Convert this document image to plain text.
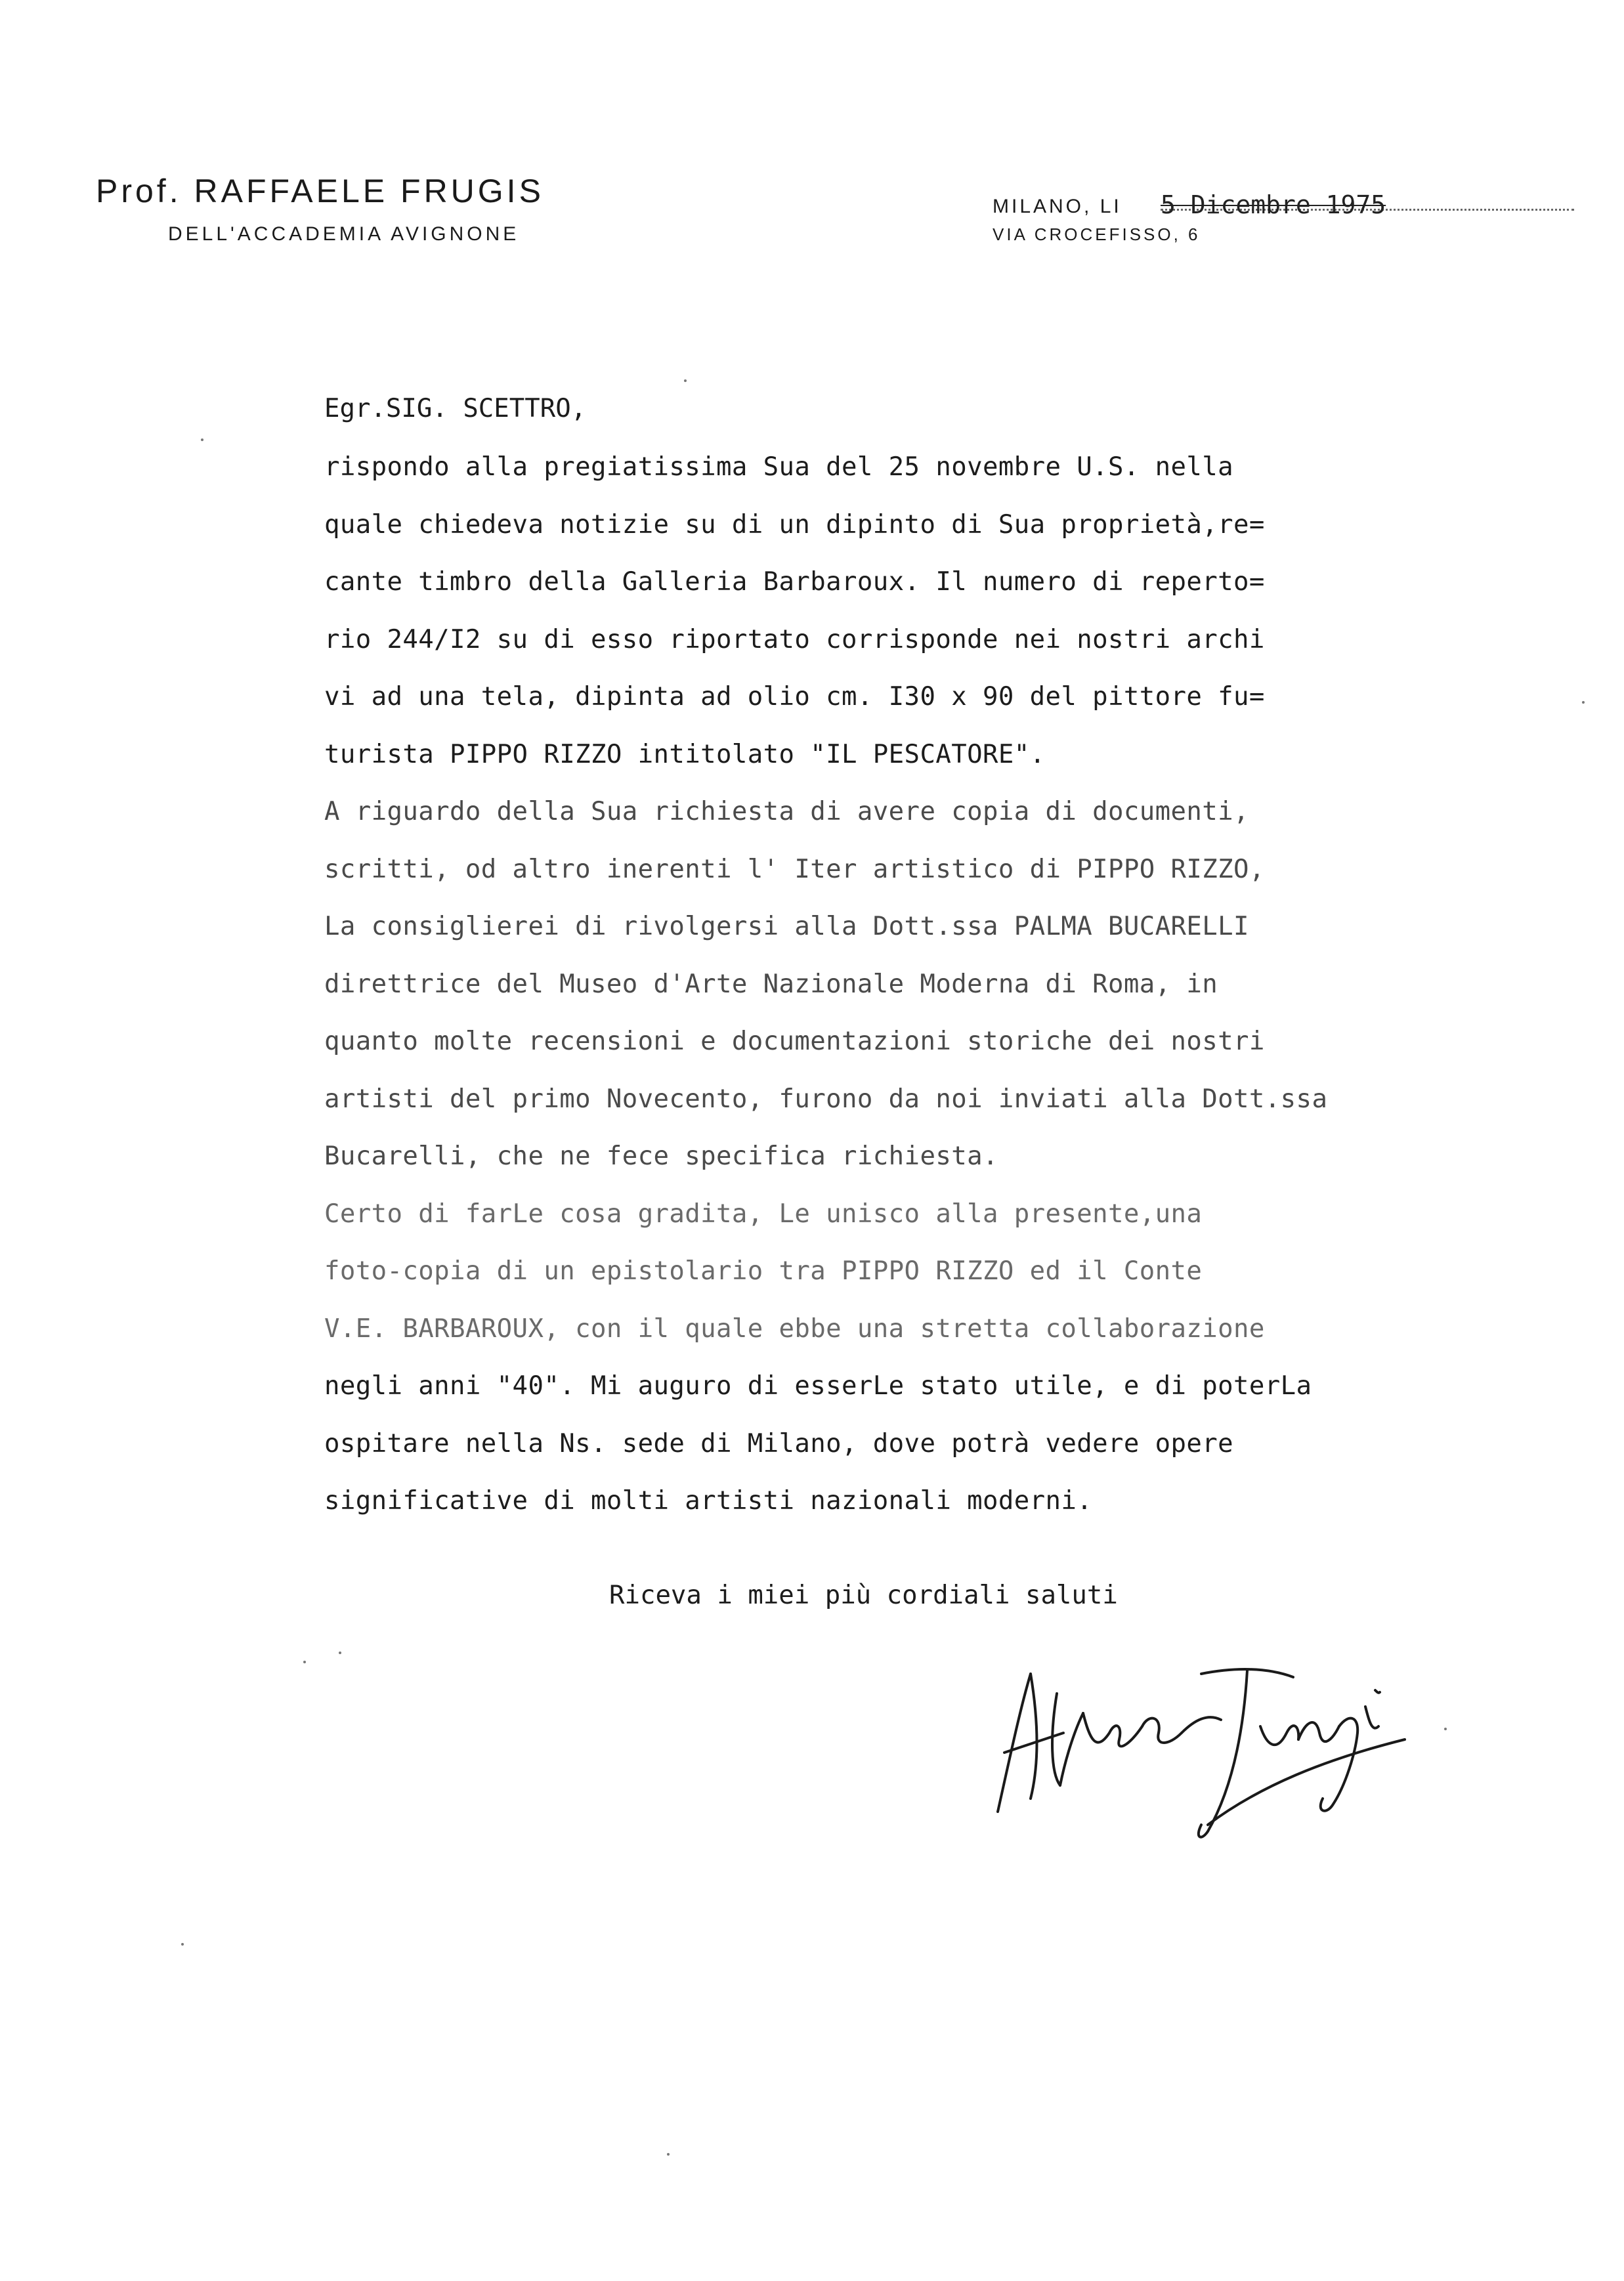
Prof. RAFFAELE FRUGIS
DELL'ACCADEMIA AVIGNONE
MILANO, LI 5 Dicembre 1975
VIA CROCEFISSO, 6
Egr.SIG. SCETTRO,
rispondo alla pregiatissima Sua del 25 novembre U.S. nella
quale chiedeva notizie su di un dipinto di Sua proprietà,re=
cante timbro della Galleria Barbaroux. Il numero di reperto=
rio 244/I2 su di esso riportato corrisponde nei nostri archi
vi ad una tela, dipinta ad olio cm. I30 x 90 del pittore fu=
turista PIPPO RIZZO intitolato "IL PESCATORE".
A riguardo della Sua richiesta di avere copia di documenti,
scritti, od altro inerenti l' Iter artistico di PIPPO RIZZO,
La consiglierei di rivolgersi alla Dott.ssa PALMA BUCARELLI
direttrice del Museo d'Arte Nazionale Moderna di Roma, in
quanto molte recensioni e documentazioni storiche dei nostri
artisti del primo Novecento, furono da noi inviati alla Dott.ssa
Bucarelli, che ne fece specifica richiesta.
Certo di farLe cosa gradita, Le unisco alla presente,una
foto-copia di un epistolario tra PIPPO RIZZO ed il Conte
V.E. BARBAROUX, con il quale ebbe una stretta collaborazione
negli anni "40". Mi auguro di esserLe stato utile, e di poterLa
ospitare nella Ns. sede di Milano, dove potrà vedere opere
significative di molti artisti nazionali moderni.
Riceva i miei più cordiali saluti
